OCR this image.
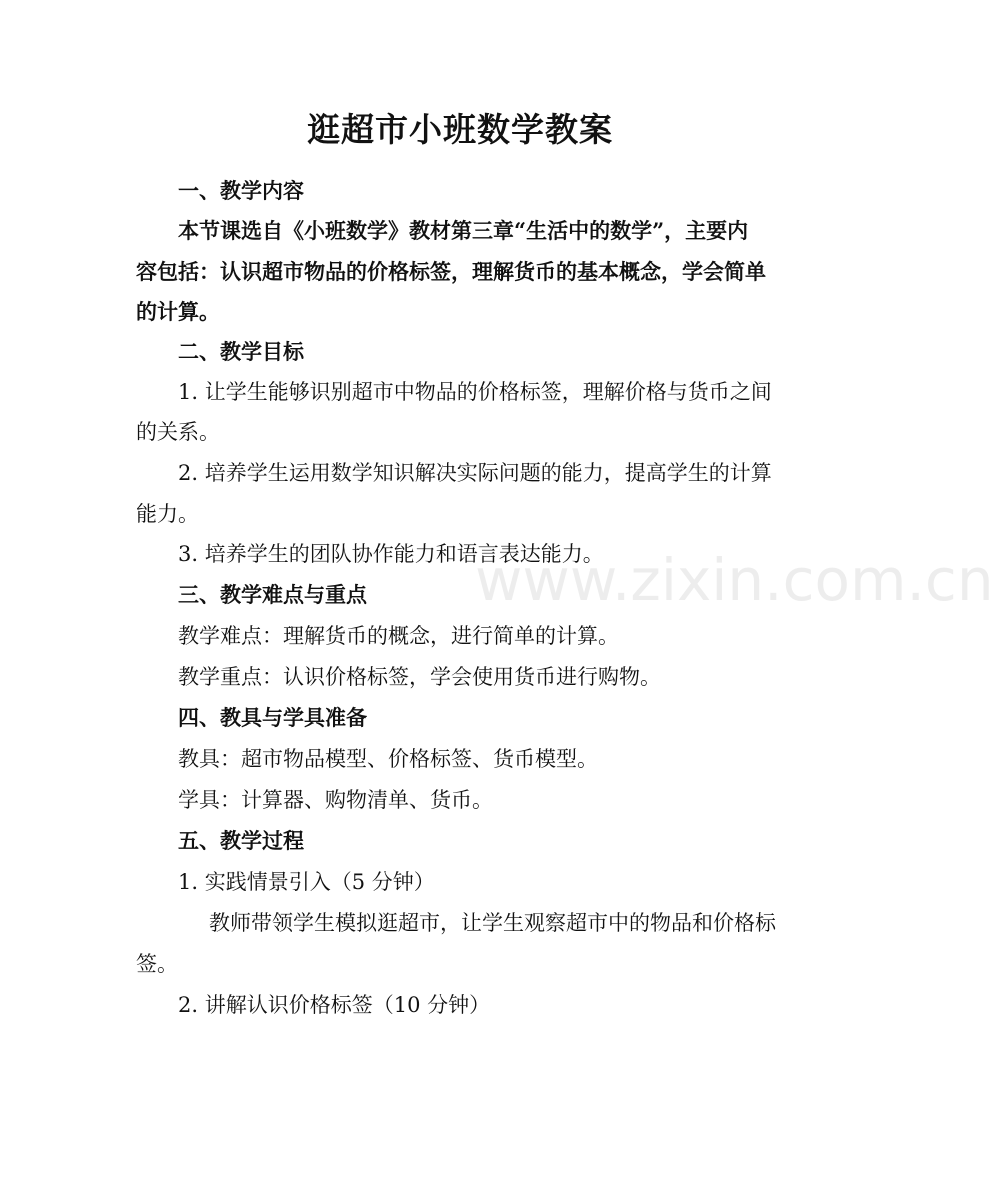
逛超市小班数学教案
一、教学内容
本节课选自《小班数学》教材第三章“生活中的数学”，主要内
容包括：认识超市物品的价格标签，理解货币的基本概念，学会简单
的计算。
二、教学目标
1. 让学生能够识别超市中物品的价格标签，理解价格与货币之间
的关系。
2. 培养学生运用数学知识解决实际问题的能力，提高学生的计算
能力。
3. 培养学生的团队协作能力和语言表达能力。
三、教学难点与重点
教学难点：理解货币的概念，进行简单的计算。
教学重点：认识价格标签，学会使用货币进行购物。
四、教具与学具准备
教具：超市物品模型、价格标签、货币模型。
学具：计算器、购物清单、货币。
五、教学过程
1. 实践情景引入（5 分钟）
教师带领学生模拟逛超市，让学生观察超市中的物品和价格标
签。
2. 讲解认识价格标签（10 分钟）
www.zixin.com.cn
